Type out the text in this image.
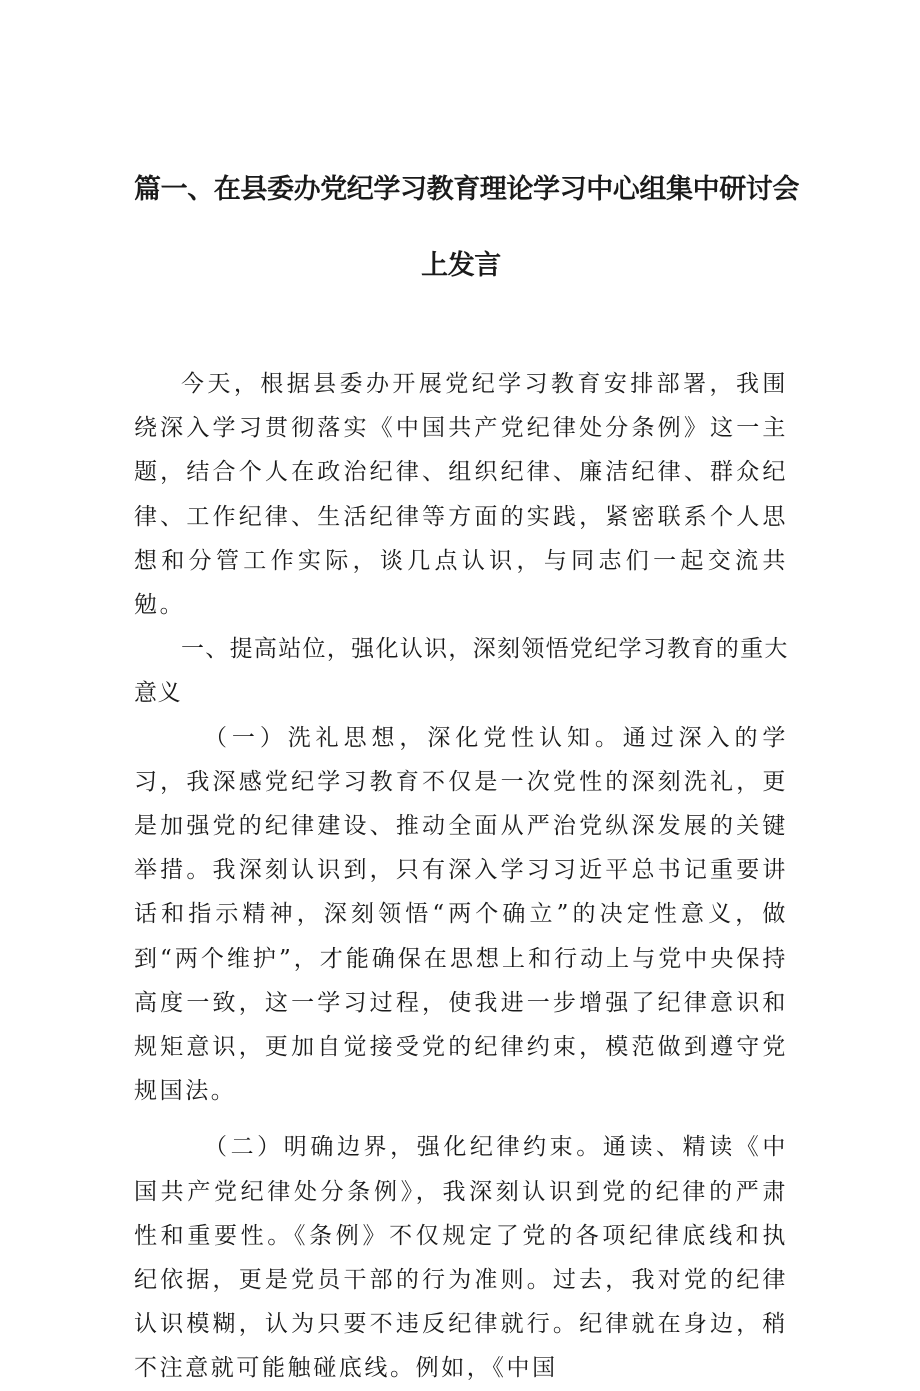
篇一、在县委办党纪学习教育理论学习中心组集中研讨会
上发言

今天，根据县委办开展党纪学习教育安排部署，我围绕深入学习贯彻落实《中国共产党纪律处分条例》这一主题，结合个人在政治纪律、组织纪律、廉洁纪律、群众纪律、工作纪律、生活纪律等方面的实践，紧密联系个人思想和分管工作实际，谈几点认识，与同志们一起交流共勉。

一、提高站位，强化认识，深刻领悟党纪学习教育的重大意义

（一）洗礼思想，深化党性认知。通过深入的学习，我深感党纪学习教育不仅是一次党性的深刻洗礼，更是加强党的纪律建设、推动全面从严治党纵深发展的关键举措。我深刻认识到，只有深入学习习近平总书记重要讲话和指示精神，深刻领悟“两个确立”的决定性意义，做到“两个维护”，才能确保在思想上和行动上与党中央保持高度一致，这一学习过程，使我进一步增强了纪律意识和规矩意识，更加自觉接受党的纪律约束，模范做到遵守党规国法。

（二）明确边界，强化纪律约束。通读、精读《中国共产党纪律处分条例》，我深刻认识到党的纪律的严肃性和重要性。《条例》不仅规定了党的各项纪律底线和执纪依据，更是党员干部的行为准则。过去，我对党的纪律认识模糊，认为只要不违反纪律就行。纪律就在身边，稍不注意就可能触碰底线。例如，《中国
